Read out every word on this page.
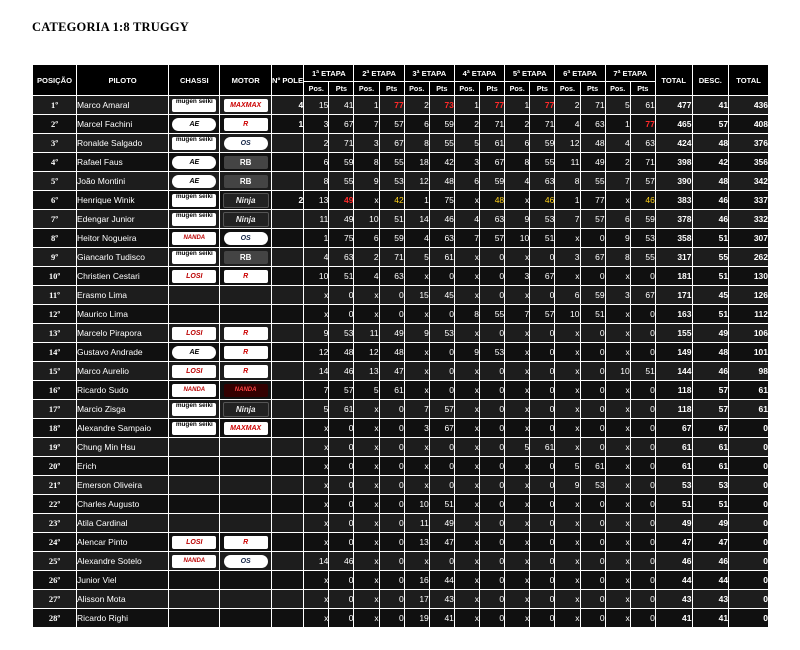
CATEGORIA 1:8 TRUGGY
POSIÇÃO	PILOTO	CHASSI	MOTOR	Nº POLE	1ª ETAPA		2ª ETAPA		3ª ETAPA		4ª ETAPA		5ª ETAPA		6ª ETAPA		7ª ETAPA		TOTAL	DESC.	TOTAL
					Pos.	Pts	Pos.	Pts	Pos.	Pts	Pos.	Pts	Pos.	Pts	Pos.	Pts	Pos.	Pts			
1º	Marco Amaral	mugen seiki	MAXMAX	4	15	41	1	77	2	73	1	77	1	77	2	71	5	61	477	41	436
2º	Marcel Fachini	AE	R	1	3	67	7	57	6	59	2	71	2	71	4	63	1	77	465	57	408
3º	Ronalde Salgado	mugen seiki	OS		2	71	3	67	8	55	5	61	6	59	12	48	4	63	424	48	376
4º	Rafael Faus	AE	RB		6	59	8	55	18	42	3	67	8	55	11	49	2	71	398	42	356
5º	João Montini	AE	RB		8	55	9	53	12	48	6	59	4	63	8	55	7	57	390	48	342
6º	Henrique Winik	mugen seiki	Ninja	2	13	49	x	42	1	75	x	48	x	46	1	77	x	46	383	46	337
7º	Edengar Junior	mugen seiki	Ninja		11	49	10	51	14	46	4	63	9	53	7	57	6	59	378	46	332
8º	Heitor Nogueira	NANDA	OS		1	75	6	59	4	63	7	57	10	51	x	0	9	53	358	51	307
9º	Giancarlo Tudisco	mugen seiki	RB		4	63	2	71	5	61	x	0	x	0	3	67	8	55	317	55	262
10º	Christien Cestari	LOSI	R		10	51	4	63	x	0	x	0	3	67	x	0	x	0	181	51	130
11º	Erasmo Lima				x	0	x	0	15	45	x	0	x	0	6	59	3	67	171	45	126
12º	Maurico Lima				x	0	x	0	x	0	8	55	7	57	10	51	x	0	163	51	112
13º	Marcelo Pirapora	LOSI	R		9	53	11	49	9	53	x	0	x	0	x	0	x	0	155	49	106
14º	Gustavo Andrade	AE	R		12	48	12	48	x	0	9	53	x	0	x	0	x	0	149	48	101
15º	Marco Aurelio	LOSI	R		14	46	13	47	x	0	x	0	x	0	x	0	10	51	144	46	98
16º	Ricardo Sudo	NANDA	NANDA		7	57	5	61	x	0	x	0	x	0	x	0	x	0	118	57	61
17º	Marcio Zisga	mugen seiki	Ninja		5	61	x	0	7	57	x	0	x	0	x	0	x	0	118	57	61
18º	Alexandre Sampaio	mugen seiki	MAXMAX		x	0	x	0	3	67	x	0	x	0	x	0	x	0	67	67	0
19º	Chung Min Hsu				x	0	x	0	x	0	x	0	5	61	x	0	x	0	61	61	0
20º	Erich				x	0	x	0	x	0	x	0	x	0	5	61	x	0	61	61	0
21º	Emerson Oliveira				x	0	x	0	x	0	x	0	x	0	9	53	x	0	53	53	0
22º	Charles Augusto				x	0	x	0	10	51	x	0	x	0	x	0	x	0	51	51	0
23º	Atila Cardinal				x	0	x	0	11	49	x	0	x	0	x	0	x	0	49	49	0
24º	Alencar Pinto	LOSI	R		x	0	x	0	13	47	x	0	x	0	x	0	x	0	47	47	0
25º	Alexandre Sotelo	NANDA	OS		14	46	x	0	x	0	x	0	x	0	x	0	x	0	46	46	0
26º	Junior Viel				x	0	x	0	16	44	x	0	x	0	x	0	x	0	44	44	0
27º	Alisson Mota				x	0	x	0	17	43	x	0	x	0	x	0	x	0	43	43	0
28º	Ricardo Righi				x	0	x	0	19	41	x	0	x	0	x	0	x	0	41	41	0
